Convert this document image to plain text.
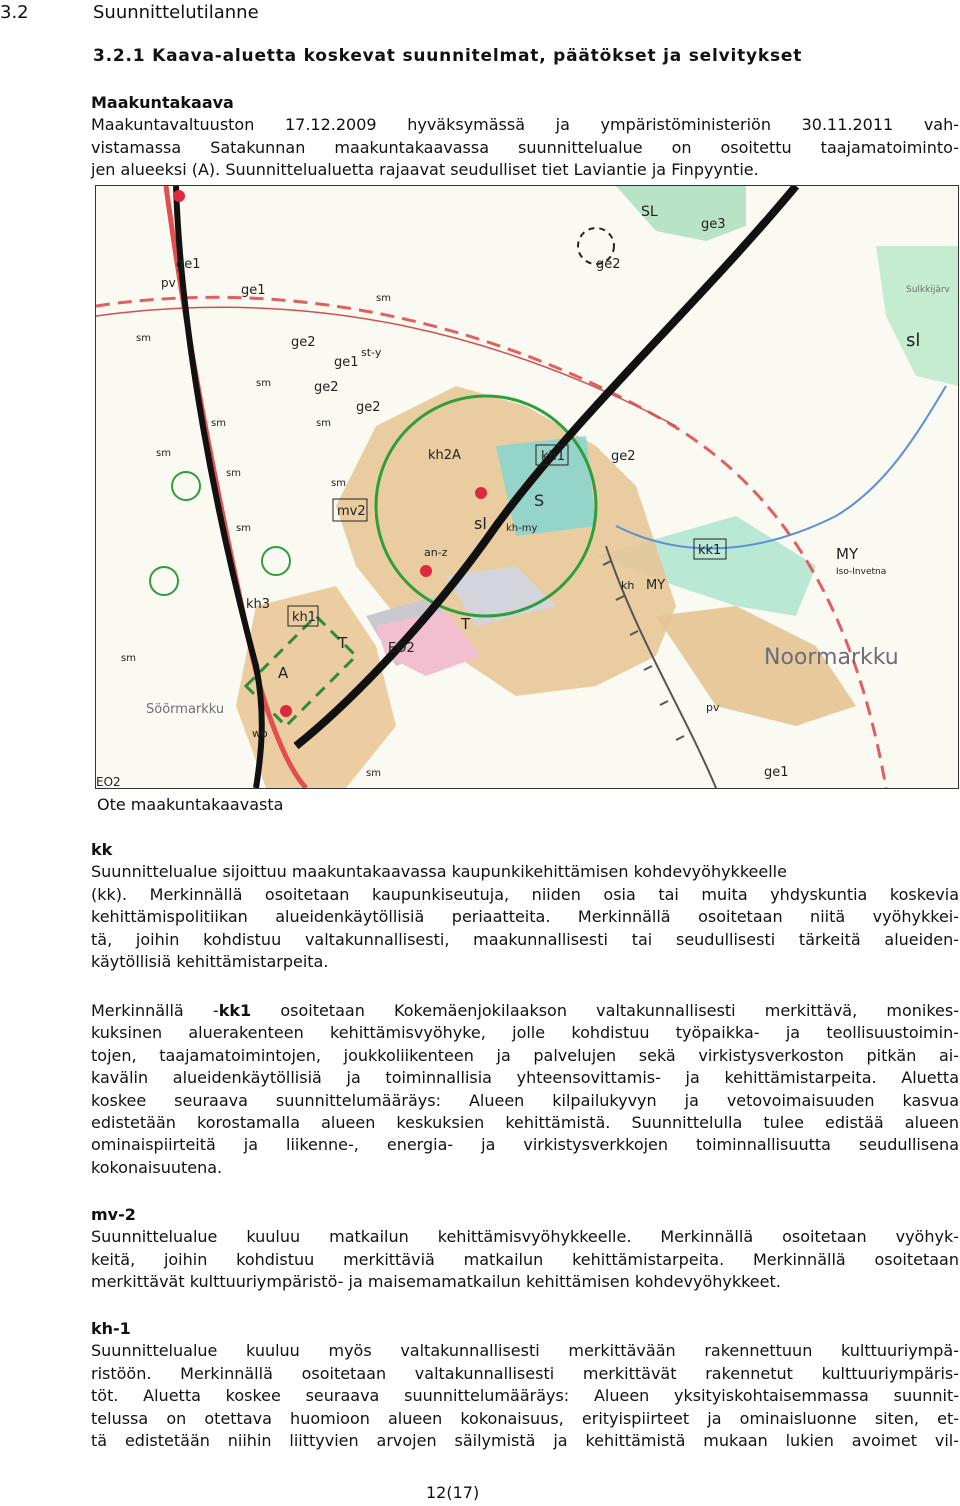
3.2	Suunnittelutilanne
3.2.1 Kaava-aluetta koskevat suunnitelmat, päätökset ja selvitykset
Maakuntakaava
Maakuntavaltuuston 17.12.2009 hyväksymässä ja ympäristöministeriön 30.11.2011 vah-
vistamassa Satakunnan maakuntakaavassa suunnittelualue on osoitettu taajamatoiminto-
jen alueeksi (A). Suunnittelualuetta rajaavat seudulliset tiet Laviantie ja Finpyyntie.
SL
ge3
ge2
ge1
pv	ge1
sm
sm
sm
sm
sm
sm
sm
sm
sm
sm
sm
sl
ge2
ge1
st-y
ge2
ge2
kh2A	kh1	ge2
S
sl kh-my
kk1	MY
Iso-Invetna
MY
kh
mv2
kh3
kh1
T
T
EO2
an-z
A
wo
pv
ge1
EO2
Noormarkku
Söörmarkku
Sulkkijärv
Ote maakuntakaavasta
kk
Suunnittelualue sijoittuu maakuntakaavassa kaupunkikehittämisen kohdevyöhykkeelle
(kk). Merkinnällä osoitetaan kaupunkiseutuja, niiden osia tai muita yhdyskuntia koskevia
kehittämispolitiikan alueidenkäytöllisiä periaatteita. Merkinnällä osoitetaan niitä vyöhykkei-
tä, joihin kohdistuu valtakunnallisesti, maakunnallisesti tai seudullisesti tärkeitä alueiden-
käytöllisiä kehittämistarpeita.
Merkinnällä -kk1 osoitetaan Kokemäenjokilaakson valtakunnallisesti merkittävä, monikes-
kuksinen aluerakenteen kehittämisvyöhyke, jolle kohdistuu työpaikka- ja teollisuustoimin-
tojen, taajamatoimintojen, joukkoliikenteen ja palvelujen sekä virkistysverkoston pitkän ai-
kavälin alueidenkäytöllisiä ja toiminnallisia yhteensovittamis- ja kehittämistarpeita. Aluetta
koskee seuraava suunnittelumääräys: Alueen kilpailukyvyn ja vetovoimaisuuden kasvua
edistetään korostamalla alueen keskuksien kehittämistä. Suunnittelulla tulee edistää alueen
ominaispiirteitä ja liikenne-, energia- ja virkistysverkkojen toiminnallisuutta seudullisena
kokonaisuutena.
mv-2
Suunnittelualue kuuluu matkailun kehittämisvyöhykkeelle. Merkinnällä osoitetaan vyöhyk-
keitä, joihin kohdistuu merkittäviä matkailun kehittämistarpeita. Merkinnällä osoitetaan
merkittävät kulttuuriympäristö- ja maisemamatkailun kehittämisen kohdevyöhykkeet.
kh-1
Suunnittelualue kuuluu myös valtakunnallisesti merkittävään rakennettuun kulttuuriympä-
ristöön. Merkinnällä osoitetaan valtakunnallisesti merkittävät rakennetut kulttuuriympäris-
töt. Aluetta koskee seuraava suunnittelumääräys: Alueen yksityiskohtaisemmassa suunnit-
telussa on otettava huomioon alueen kokonaisuus, erityispiirteet ja ominaisluonne siten, et-
tä edistetään niihin liittyvien arvojen säilymistä ja kehittämistä mukaan lukien avoimet vil-
12(17)
